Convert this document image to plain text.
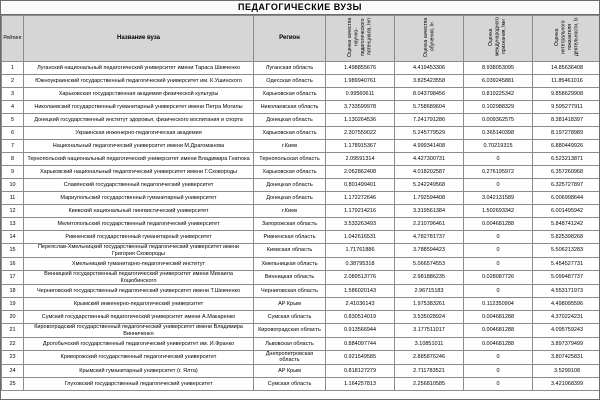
ПЕДАГОГИЧЕСКИЕ ВУЗЫ
Рейтинг	Название вуза	Регион	Оценка качества научно-педагогического потенциала, Iнп	Оценка качества обучения, Iн	Оценка международного признания, Iмн	Оценка интегрального показателя деятельности, Iз
1	Луганский национальный педагогический университет имени Тараса Шевченко	Луганская область	1.498855676	4.419453306	8.938053095	14.85636408
2	Южноукраинский государственный педагогический университет им. К.Ушинского	Одесская область	1.989940761	3.825423558	6.039245881	11.85461016
3	Харьковская государственная академия физической культуры	Харьковская область	0.99560611	8.043798456	0.819225342	9.858629908
4	Николаевский государственный гуманитарный университет имени Петра Могилы	Николаевская область	3.733599978	5.758689604	0.102988329	9.595277911
5	Донецкий государственный институт здоровья, физического воспитания и спорта	Донецкая область	1.130264536	7.241791286	0.009362575	8.381418397
6	Украинская инженерно-педагогическая академия	Харьковская область	2.307559022	5.245779529	0.365140398	8.197278989
7	Национальный педагогический университет имени М.Драгоманова	г.Киев	1.178915367	4.999341408	0.70219315	6.880449926
8	Тернопольский национальный педагогический университет имени Владимира Гнатюка	Тернопольская область	2.09591314	4.427300731	0	6.523213871
9	Харьковский национальный педагогический университет имени Г.Сковороды	Харьковская область	2.062862408	4.018202587	0.276195972	6.357260968
10	Славянский государственный педагогический университет	Донецкая область	0.801499401	5.242249568	0	6.325727897
11	Мариупольский государственный гуманитарный университет	Донецкая область	1.172272646	1.792594408	3.042131589	6.006998644
12	Киевский национальный лингвистический университет	г.Киев	1.179214216	3.319561384	1.502693342	6.001495942
13	Мелитопольский государственный педагогический университет	Запорожская область	3.533263493	2.210796461	0.004681288	5.848741242
14	Ривненский государственный гуманитарный университет	Ривненская область	1.042616531	4.782781737	0	5.825398268
15	Переяслав-Хмельницкий государственный педагогический университет имени Григория Сковороды	Киевская область	1.71761886	3.788594423	0	5.506213283
16	Хмельницкий гуманитарно-педагогический институт	Хмельницкая область	0.38795318	5.066574553	0	5.454527731
17	Винницкий государственный педагогический университет имени Михаила Коцюбинского	Винницкая область	2.089513776	2.981886235	0.028087726	5.099487737
18	Черниговский государственный педагогический университет имени Т.Шевченко	Черниговская область	1.586020143	2.96715183	0	4.553171973
19	Крымский инженерно-педагогический университет	АР Крым	2.41036143	1.975383261	0.112350904	4.498095596
20	Сумский государственный педагогический университет имени А.Макаренко	Сумская область	0.830514019	3.535028924	0.004681288	4.370224231
21	Кировоградский государственный педагогический университет имени Владимира Винниченко	Кировоградская область	0.913566944	3.177511017	0.004681288	4.095759243
22	Дрогобычский государственный педагогический университет им. И.Франко	Львовская область	0.884097744	3.10851011	0.004681288	3.897379499
23	Криворожский государственный педагогический университет	Днепропетровская область	0.921549585	2.885876246	0	3.807425831
24	Крымский гуманитарный университет (г. Ялта)	АР Крым	0.818127279	2.711783521	0	3.5299108
25	Глуховский государственный педагогический университет	Сумская область	1.164257813	2.256810585	0	3.421068399
